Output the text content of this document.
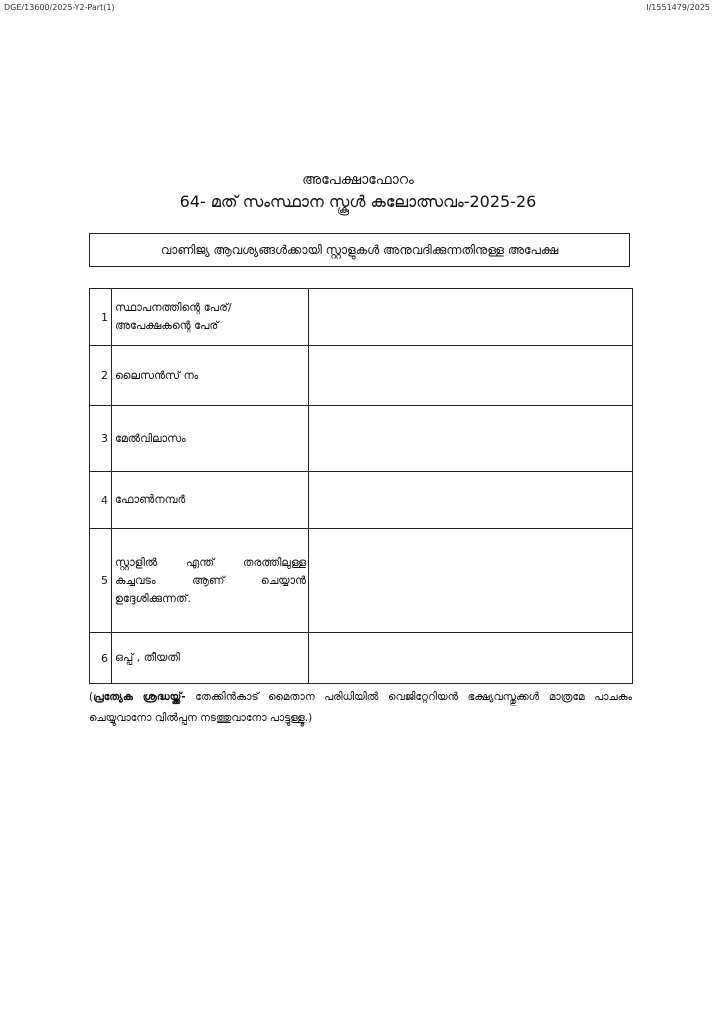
DGE/13600/2025-Y2-Part(1)	I/1551479/2025
അപേക്ഷാഫോറം
64- മത് സംസ്ഥാന സ്കൂൾ കലോത്സവം-2025-26
വാണിജ്യ ആവശ്യങ്ങൾക്കായി സ്റ്റാളുകൾ അനുവദിക്കുന്നതിനുള്ള അപേക്ഷ
1	സ്ഥാപനത്തിന്റെ പേര്/
അപേക്ഷകന്റെ പേര്	

2	ലൈസൻസ് നം	

3	മേൽവിലാസം	

4	ഫോൺനമ്പർ	

5	സ്റ്റാളിൽ എന്ത് തരത്തിലുള്ള
കച്ചവടം ആണ് ചെയ്യാൻ
ഉദ്ദേശിക്കുന്നത്.	

6	ഒപ്പ് , തീയതി	

(പ്രത്യേക ശ്രദ്ധയ്ക്ക്- തേക്കിൻകാട് മൈതാന പരിധിയിൽ വെജിറ്റേറിയൻ ഭക്ഷ്യവസ്തുക്കൾ മാത്രമേ പാചകം ചെയ്യുവാനോ വിൽപ്പന നടത്തുവാനോ പാട്ടുള്ളൂ.)
